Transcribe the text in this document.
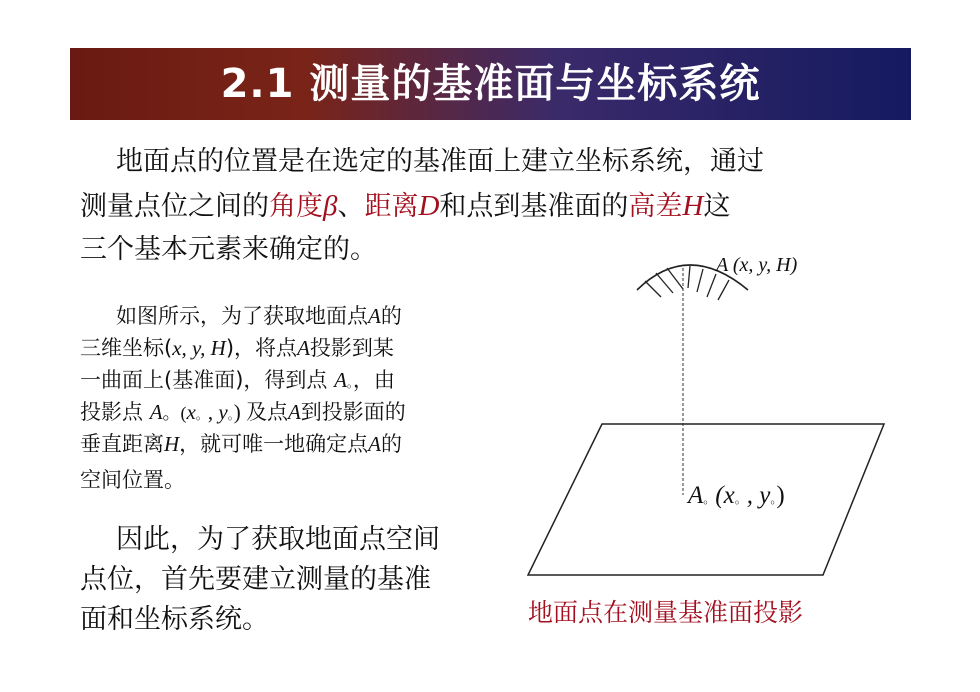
2.1 测量的基准面与坐标系统

地面点的位置是在选定的基准面上建立坐标系统，通过

测量点位之间的角度β、距离D和点到基准面的高差H这

三个基本元素来确定的。

如图所示，为了获取地面点A的

三维坐标(x, y, H)，将点A投影到某

一曲面上(基准面)，得到点 A。，由

投影点 A。(x。, y。) 及点A到投影面的

垂直距离H，就可唯一地确定点A的

空间位置。

因此，为了获取地面点空间

点位，首先要建立测量的基准

面和坐标系统。

A (x, y, H)
A。(x。, y。)
地面点在测量基准面投影
